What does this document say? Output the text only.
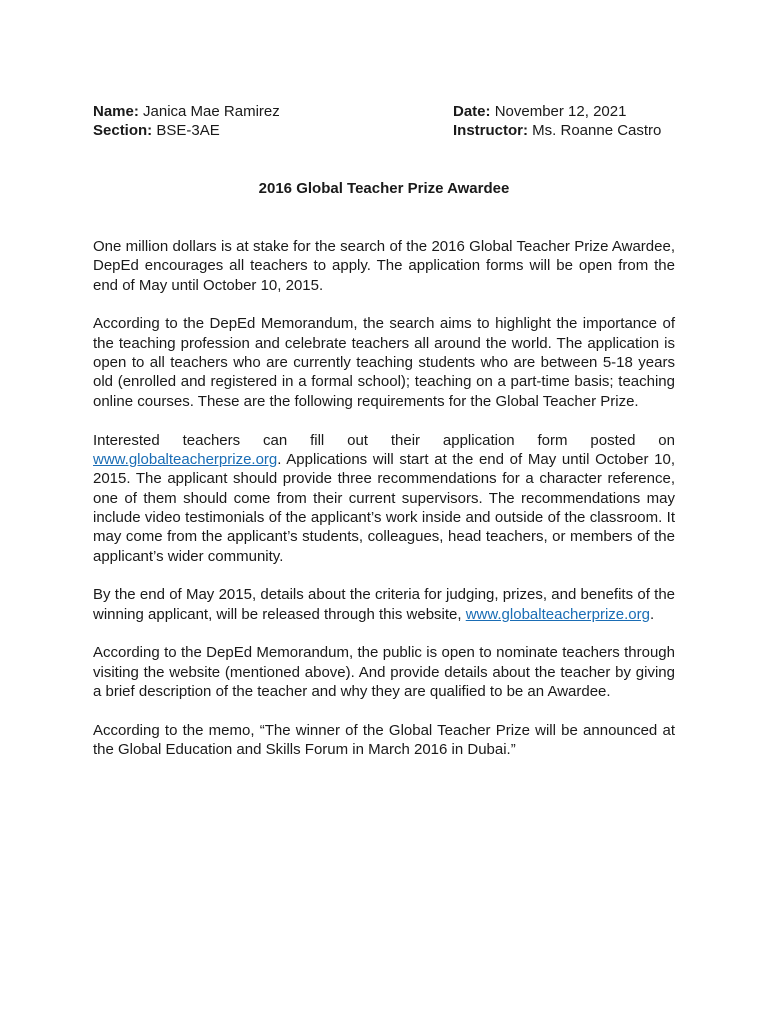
Name: Janica Mae Ramirez	Date: November 12, 2021
Section: BSE-3AE	Instructor: Ms. Roanne Castro
2016 Global Teacher Prize Awardee

One million dollars is at stake for the search of the 2016 Global Teacher Prize Awardee, DepEd encourages all teachers to apply. The application forms will be open from the end of May until October 10, 2015.

According to the DepEd Memorandum, the search aims to highlight the importance of the teaching profession and celebrate teachers all around the world. The application is open to all teachers who are currently teaching students who are between 5-18 years old (enrolled and registered in a formal school); teaching on a part-time basis; teaching online courses. These are the following requirements for the Global Teacher Prize.

Interested teachers can fill out their application form posted on www.globalteacherprize.org. Applications will start at the end of May until October 10, 2015. The applicant should provide three recommendations for a character reference, one of them should come from their current supervisors. The recommendations may include video testimonials of the applicant’s work inside and outside of the classroom. It may come from the applicant’s students, colleagues, head teachers, or members of the applicant’s wider community.

By the end of May 2015, details about the criteria for judging, prizes, and benefits of the winning applicant, will be released through this website, www.globalteacherprize.org.

According to the DepEd Memorandum, the public is open to nominate teachers through visiting the website (mentioned above). And provide details about the teacher by giving a brief description of the teacher and why they are qualified to be an Awardee.

According to the memo, “The winner of the Global Teacher Prize will be announced at the Global Education and Skills Forum in March 2016 in Dubai.”
